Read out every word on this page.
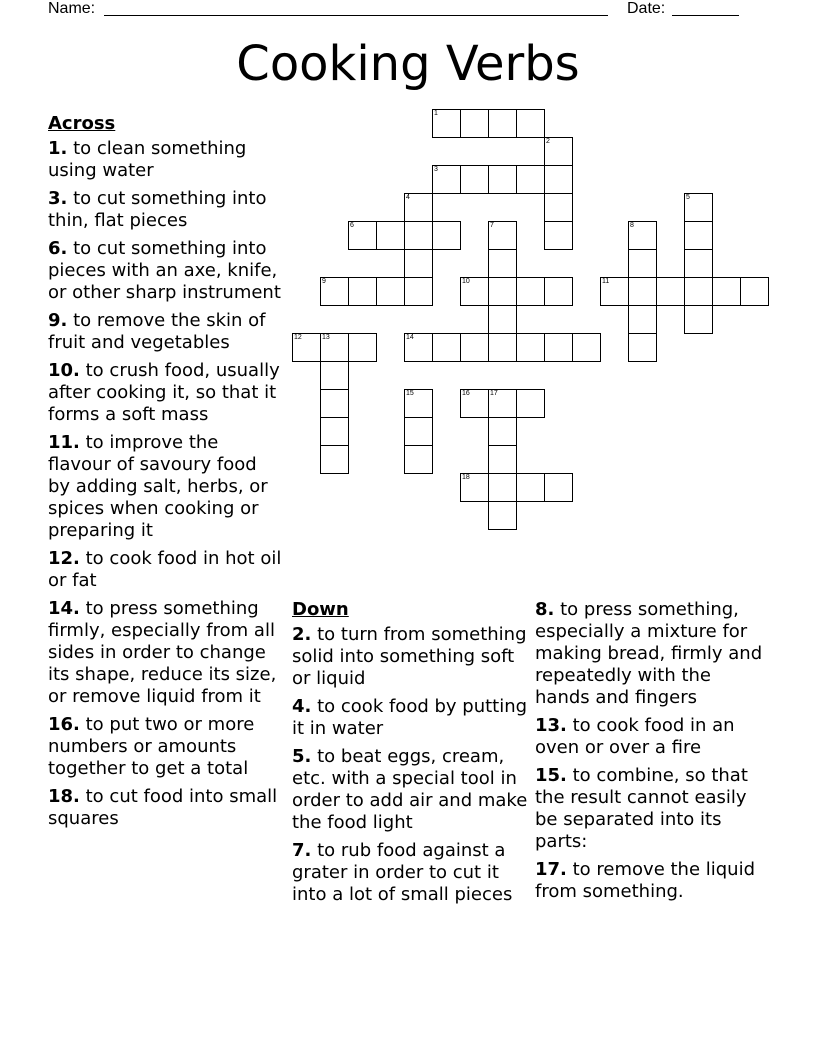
Name:	Date:
Cooking Verbs
1
2
3
4	5
6	7	8
9	10	11
12	13	14
15	16	17
18
Across
1. to clean something using water
3. to cut something into thin, flat pieces
6. to cut something into pieces with an axe, knife, or other sharp instrument
9. to remove the skin of fruit and vegetables
10. to crush food, usually after cooking it, so that it forms a soft mass
11. to improve the flavour of savoury food by adding salt, herbs, or spices when cooking or preparing it
12. to cook food in hot oil or fat
14. to press something firmly, especially from all sides in order to change its shape, reduce its size, or remove liquid from it
16. to put two or more numbers or amounts together to get a total
18. to cut food into small squares
Down
2. to turn from something solid into something soft or liquid
4. to cook food by putting it in water
5. to beat eggs, cream, etc. with a special tool in order to add air and make the food light
7. to rub food against a grater in order to cut it into a lot of small pieces
8. to press something, especially a mixture for making bread, firmly and repeatedly with the hands and fingers
13. to cook food in an oven or over a fire
15. to combine, so that the result cannot easily be separated into its parts:
17. to remove the liquid from something.
